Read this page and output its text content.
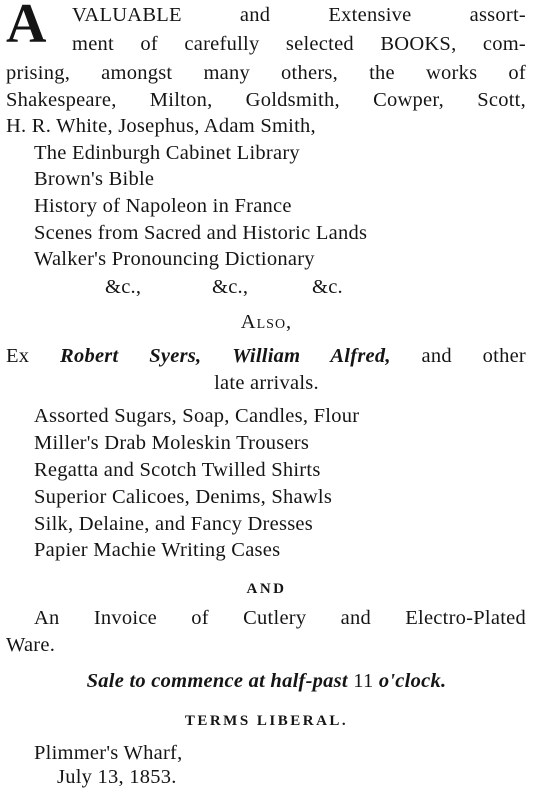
A VALUABLE and Extensive assort-
ment of carefully selected BOOKS, com-
prising, amongst many others, the works of
Shakespeare, Milton, Goldsmith, Cowper, Scott,
H. R. White, Josephus, Adam Smith,
The Edinburgh Cabinet Library
Brown's Bible
History of Napoleon in France
Scenes from Sacred and Historic Lands
Walker's Pronouncing Dictionary
&c.,	&c.,	&c.
Also,
Ex Robert Syers, William Alfred, and other
late arrivals.
Assorted Sugars, Soap, Candles, Flour
Miller's Drab Moleskin Trousers
Regatta and Scotch Twilled Shirts
Superior Calicoes, Denims, Shawls
Silk, Delaine, and Fancy Dresses
Papier Machie Writing Cases
AND
An Invoice of Cutlery and Electro-Plated
Ware.
Sale to commence at half-past 11 o'clock.
TERMS LIBERAL.
Plimmer's Wharf,
July 13, 1853.
